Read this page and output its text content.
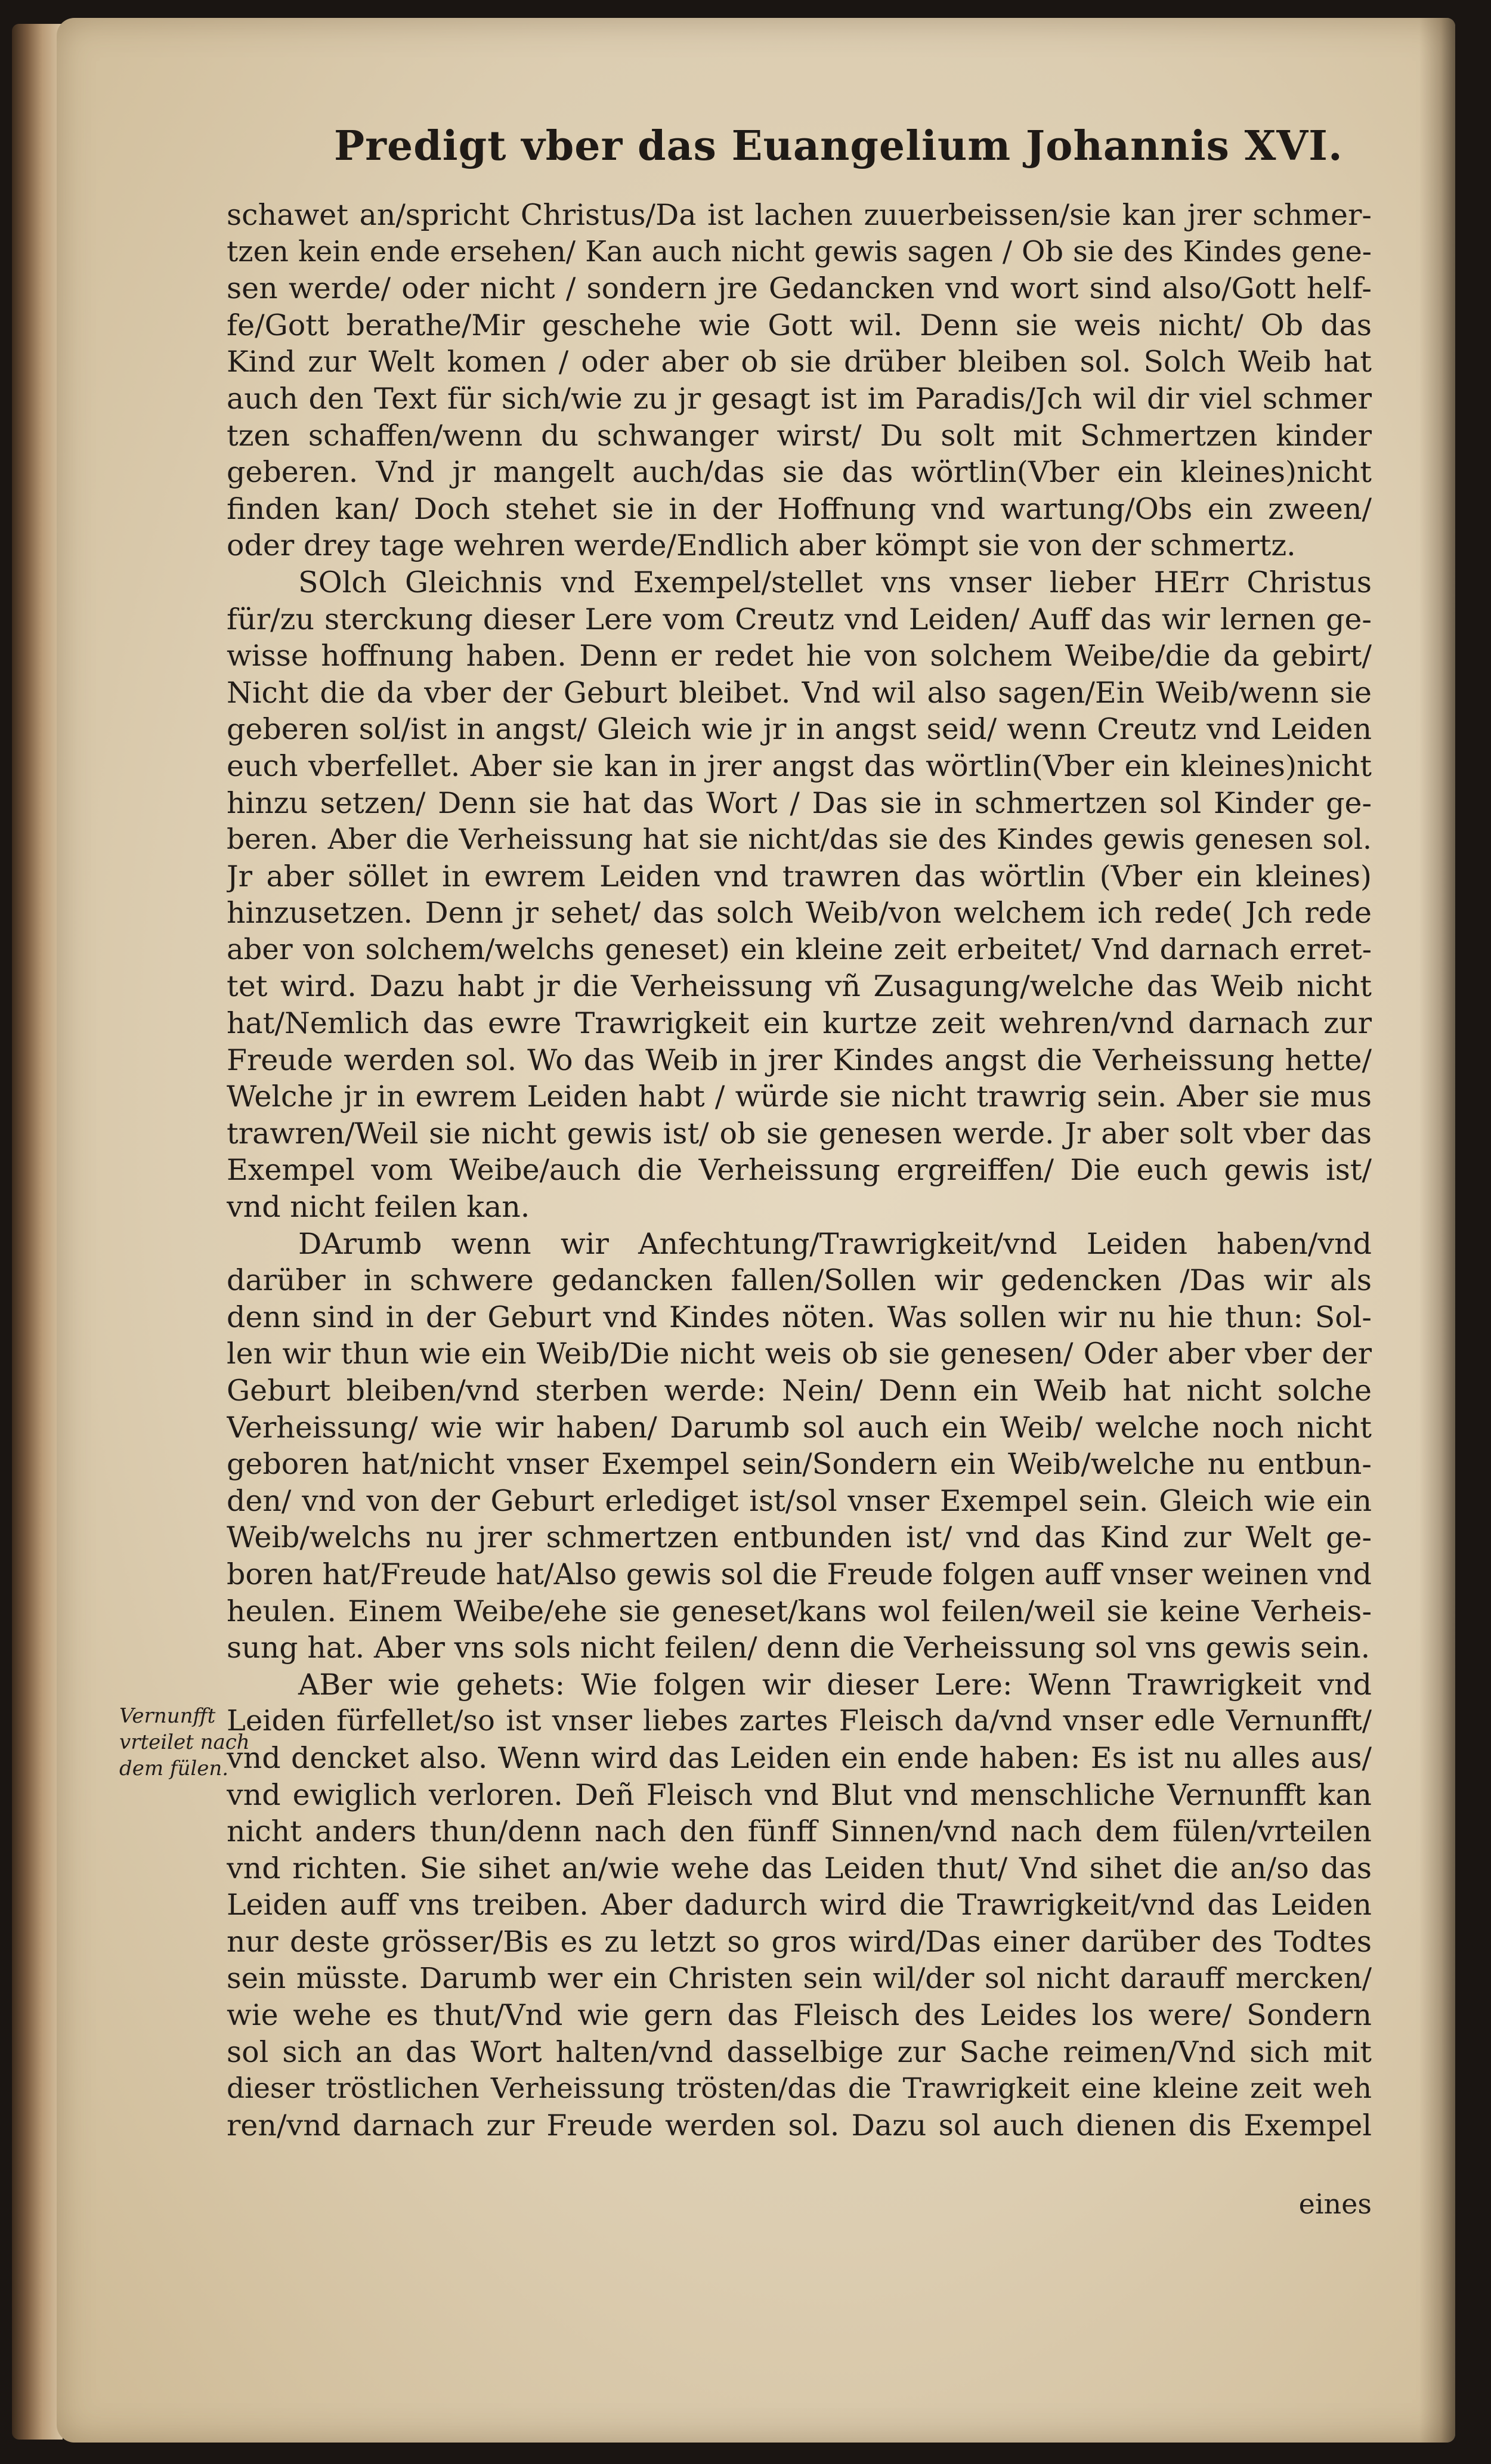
Predigt vber das Euangelium Johannis XVI.
schawet an/spricht Christus/Da ist lachen zuuerbeissen/sie kan jrer schmer-
tzen kein ende ersehen/ Kan auch nicht gewis sagen / Ob sie des Kindes gene-
sen werde/ oder nicht / sondern jre Gedancken vnd wort sind also/Gott helf-
fe/Gott berathe/Mir geschehe wie Gott wil. Denn sie weis nicht/ Ob das
Kind zur Welt komen / oder aber ob sie drüber bleiben sol. Solch Weib hat
auch den Text für sich/wie zu jr gesagt ist im Paradis/Jch wil dir viel schmer
tzen schaffen/wenn du schwanger wirst/ Du solt mit Schmertzen kinder
geberen. Vnd jr mangelt auch/das sie das wörtlin(Vber ein kleines)nicht
finden kan/ Doch stehet sie in der Hoffnung vnd wartung/Obs ein zween/
oder drey tage wehren werde/Endlich aber kömpt sie von der schmertz.
SOlch Gleichnis vnd Exempel/stellet vns vnser lieber HErr Christus
für/zu sterckung dieser Lere vom Creutz vnd Leiden/ Auff das wir lernen ge-
wisse hoffnung haben. Denn er redet hie von solchem Weibe/die da gebirt/
Nicht die da vber der Geburt bleibet. Vnd wil also sagen/Ein Weib/wenn sie
geberen sol/ist in angst/ Gleich wie jr in angst seid/ wenn Creutz vnd Leiden
euch vberfellet. Aber sie kan in jrer angst das wörtlin(Vber ein kleines)nicht
hinzu setzen/ Denn sie hat das Wort / Das sie in schmertzen sol Kinder ge-
beren. Aber die Verheissung hat sie nicht/das sie des Kindes gewis genesen sol.
Jr aber söllet in ewrem Leiden vnd trawren das wörtlin (Vber ein kleines)
hinzusetzen. Denn jr sehet/ das solch Weib/von welchem ich rede( Jch rede
aber von solchem/welchs geneset) ein kleine zeit erbeitet/ Vnd darnach erret-
tet wird. Dazu habt jr die Verheissung vñ Zusagung/welche das Weib nicht
hat/Nemlich das ewre Trawrigkeit ein kurtze zeit wehren/vnd darnach zur
Freude werden sol. Wo das Weib in jrer Kindes angst die Verheissung hette/
Welche jr in ewrem Leiden habt / würde sie nicht trawrig sein. Aber sie mus
trawren/Weil sie nicht gewis ist/ ob sie genesen werde. Jr aber solt vber das
Exempel vom Weibe/auch die Verheissung ergreiffen/ Die euch gewis ist/
vnd nicht feilen kan.
DArumb wenn wir Anfechtung/Trawrigkeit/vnd Leiden haben/vnd
darüber in schwere gedancken fallen/Sollen wir gedencken /Das wir als
denn sind in der Geburt vnd Kindes nöten. Was sollen wir nu hie thun: Sol-
len wir thun wie ein Weib/Die nicht weis ob sie genesen/ Oder aber vber der
Geburt bleiben/vnd sterben werde: Nein/ Denn ein Weib hat nicht solche
Verheissung/ wie wir haben/ Darumb sol auch ein Weib/ welche noch nicht
geboren hat/nicht vnser Exempel sein/Sondern ein Weib/welche nu entbun-
den/ vnd von der Geburt erlediget ist/sol vnser Exempel sein. Gleich wie ein
Weib/welchs nu jrer schmertzen entbunden ist/ vnd das Kind zur Welt ge-
boren hat/Freude hat/Also gewis sol die Freude folgen auff vnser weinen vnd
heulen. Einem Weibe/ehe sie geneset/kans wol feilen/weil sie keine Verheis-
sung hat. Aber vns sols nicht feilen/ denn die Verheissung sol vns gewis sein.
ABer wie gehets: Wie folgen wir dieser Lere: Wenn Trawrigkeit vnd
Leiden fürfellet/so ist vnser liebes zartes Fleisch da/vnd vnser edle Vernunfft/
vnd dencket also. Wenn wird das Leiden ein ende haben: Es ist nu alles aus/
vnd ewiglich verloren. Deñ Fleisch vnd Blut vnd menschliche Vernunfft kan
nicht anders thun/denn nach den fünff Sinnen/vnd nach dem fülen/vrteilen
vnd richten. Sie sihet an/wie wehe das Leiden thut/ Vnd sihet die an/so das
Leiden auff vns treiben. Aber dadurch wird die Trawrigkeit/vnd das Leiden
nur deste grösser/Bis es zu letzt so gros wird/Das einer darüber des Todtes
sein müsste. Darumb wer ein Christen sein wil/der sol nicht darauff mercken/
wie wehe es thut/Vnd wie gern das Fleisch des Leides los were/ Sondern
sol sich an das Wort halten/vnd dasselbige zur Sache reimen/Vnd sich mit
dieser tröstlichen Verheissung trösten/das die Trawrigkeit eine kleine zeit weh
ren/vnd darnach zur Freude werden sol. Dazu sol auch dienen dis Exempel
eines
Vernunfft
vrteilet nach
dem fülen.
